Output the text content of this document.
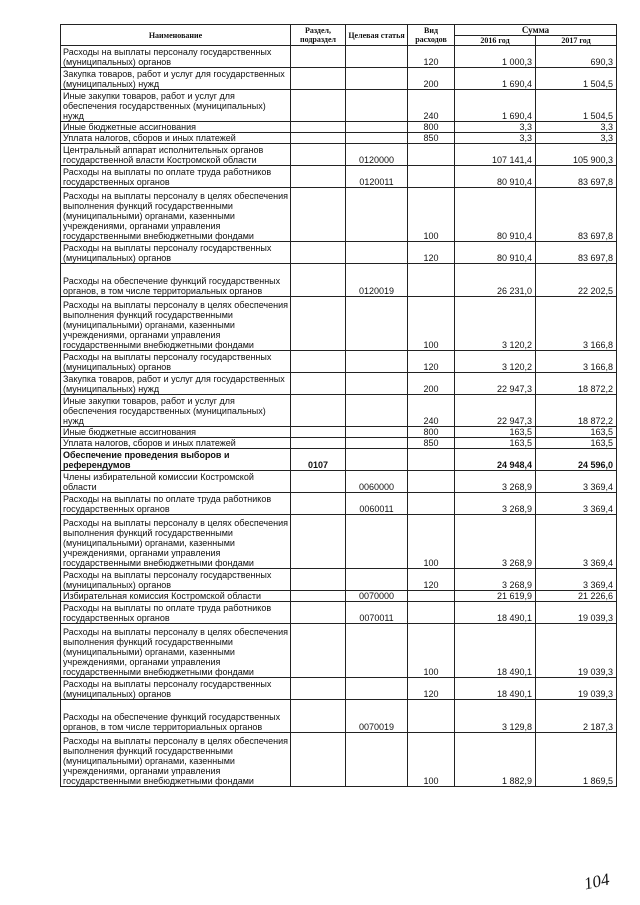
Наименование	Раздел, подраздел	Целевая статья	Вид расходов	Сумма	
				2016 год	2017 год
Расходы на выплаты персоналу государственных (муниципальных) органов			120	1 000,3	690,3
Закупка товаров, работ и услуг для государственных (муниципальных) нужд			200	1 690,4	1 504,5
Иные закупки товаров, работ и услуг для обеспечения государственных (муниципальных) нужд			240	1 690,4	1 504,5
Иные бюджетные ассигнования			800	3,3	3,3
Уплата налогов, сборов и иных платежей			850	3,3	3,3
Центральный аппарат исполнительных органов государственной власти Костромской области		0120000		107 141,4	105 900,3
Расходы на выплаты по оплате труда работников государственных органов		0120011		80 910,4	83 697,8
Расходы на выплаты персоналу в целях обеспечения выполнения функций государственными (муниципальными) органами, казенными учреждениями, органами управления государственными внебюджетными фондами			100	80 910,4	83 697,8
Расходы на выплаты персоналу государственных (муниципальных) органов			120	80 910,4	83 697,8
Расходы на обеспечение функций государственных органов, в том числе территориальных органов		0120019		26 231,0	22 202,5
Расходы на выплаты персоналу в целях обеспечения выполнения функций государственными (муниципальными) органами, казенными учреждениями, органами управления государственными внебюджетными фондами			100	3 120,2	3 166,8
Расходы на выплаты персоналу государственных (муниципальных) органов			120	3 120,2	3 166,8
Закупка товаров, работ и услуг для государственных (муниципальных) нужд			200	22 947,3	18 872,2
Иные закупки товаров, работ и услуг для обеспечения государственных (муниципальных) нужд			240	22 947,3	18 872,2
Иные бюджетные ассигнования			800	163,5	163,5
Уплата налогов, сборов и иных платежей			850	163,5	163,5
Обеспечение проведения выборов и референдумов	0107			24 948,4	24 596,0
Члены избирательной комиссии Костромской области		0060000		3 268,9	3 369,4
Расходы на выплаты по оплате труда работников государственных органов		0060011		3 268,9	3 369,4
Расходы на выплаты персоналу в целях обеспечения выполнения функций государственными (муниципальными) органами, казенными учреждениями, органами управления государственными внебюджетными фондами			100	3 268,9	3 369,4
Расходы на выплаты персоналу государственных (муниципальных) органов			120	3 268,9	3 369,4
Избирательная комиссия Костромской области		0070000		21 619,9	21 226,6
Расходы на выплаты по оплате труда работников государственных органов		0070011		18 490,1	19 039,3
Расходы на выплаты персоналу в целях обеспечения выполнения функций государственными (муниципальными) органами, казенными учреждениями, органами управления государственными внебюджетными фондами			100	18 490,1	19 039,3
Расходы на выплаты персоналу государственных (муниципальных) органов			120	18 490,1	19 039,3
Расходы на обеспечение функций государственных органов, в том числе территориальных органов		0070019		3 129,8	2 187,3
Расходы на выплаты персоналу в целях обеспечения выполнения функций государственными (муниципальными) органами, казенными учреждениями, органами управления государственными внебюджетными фондами			100	1 882,9	1 869,5
104
